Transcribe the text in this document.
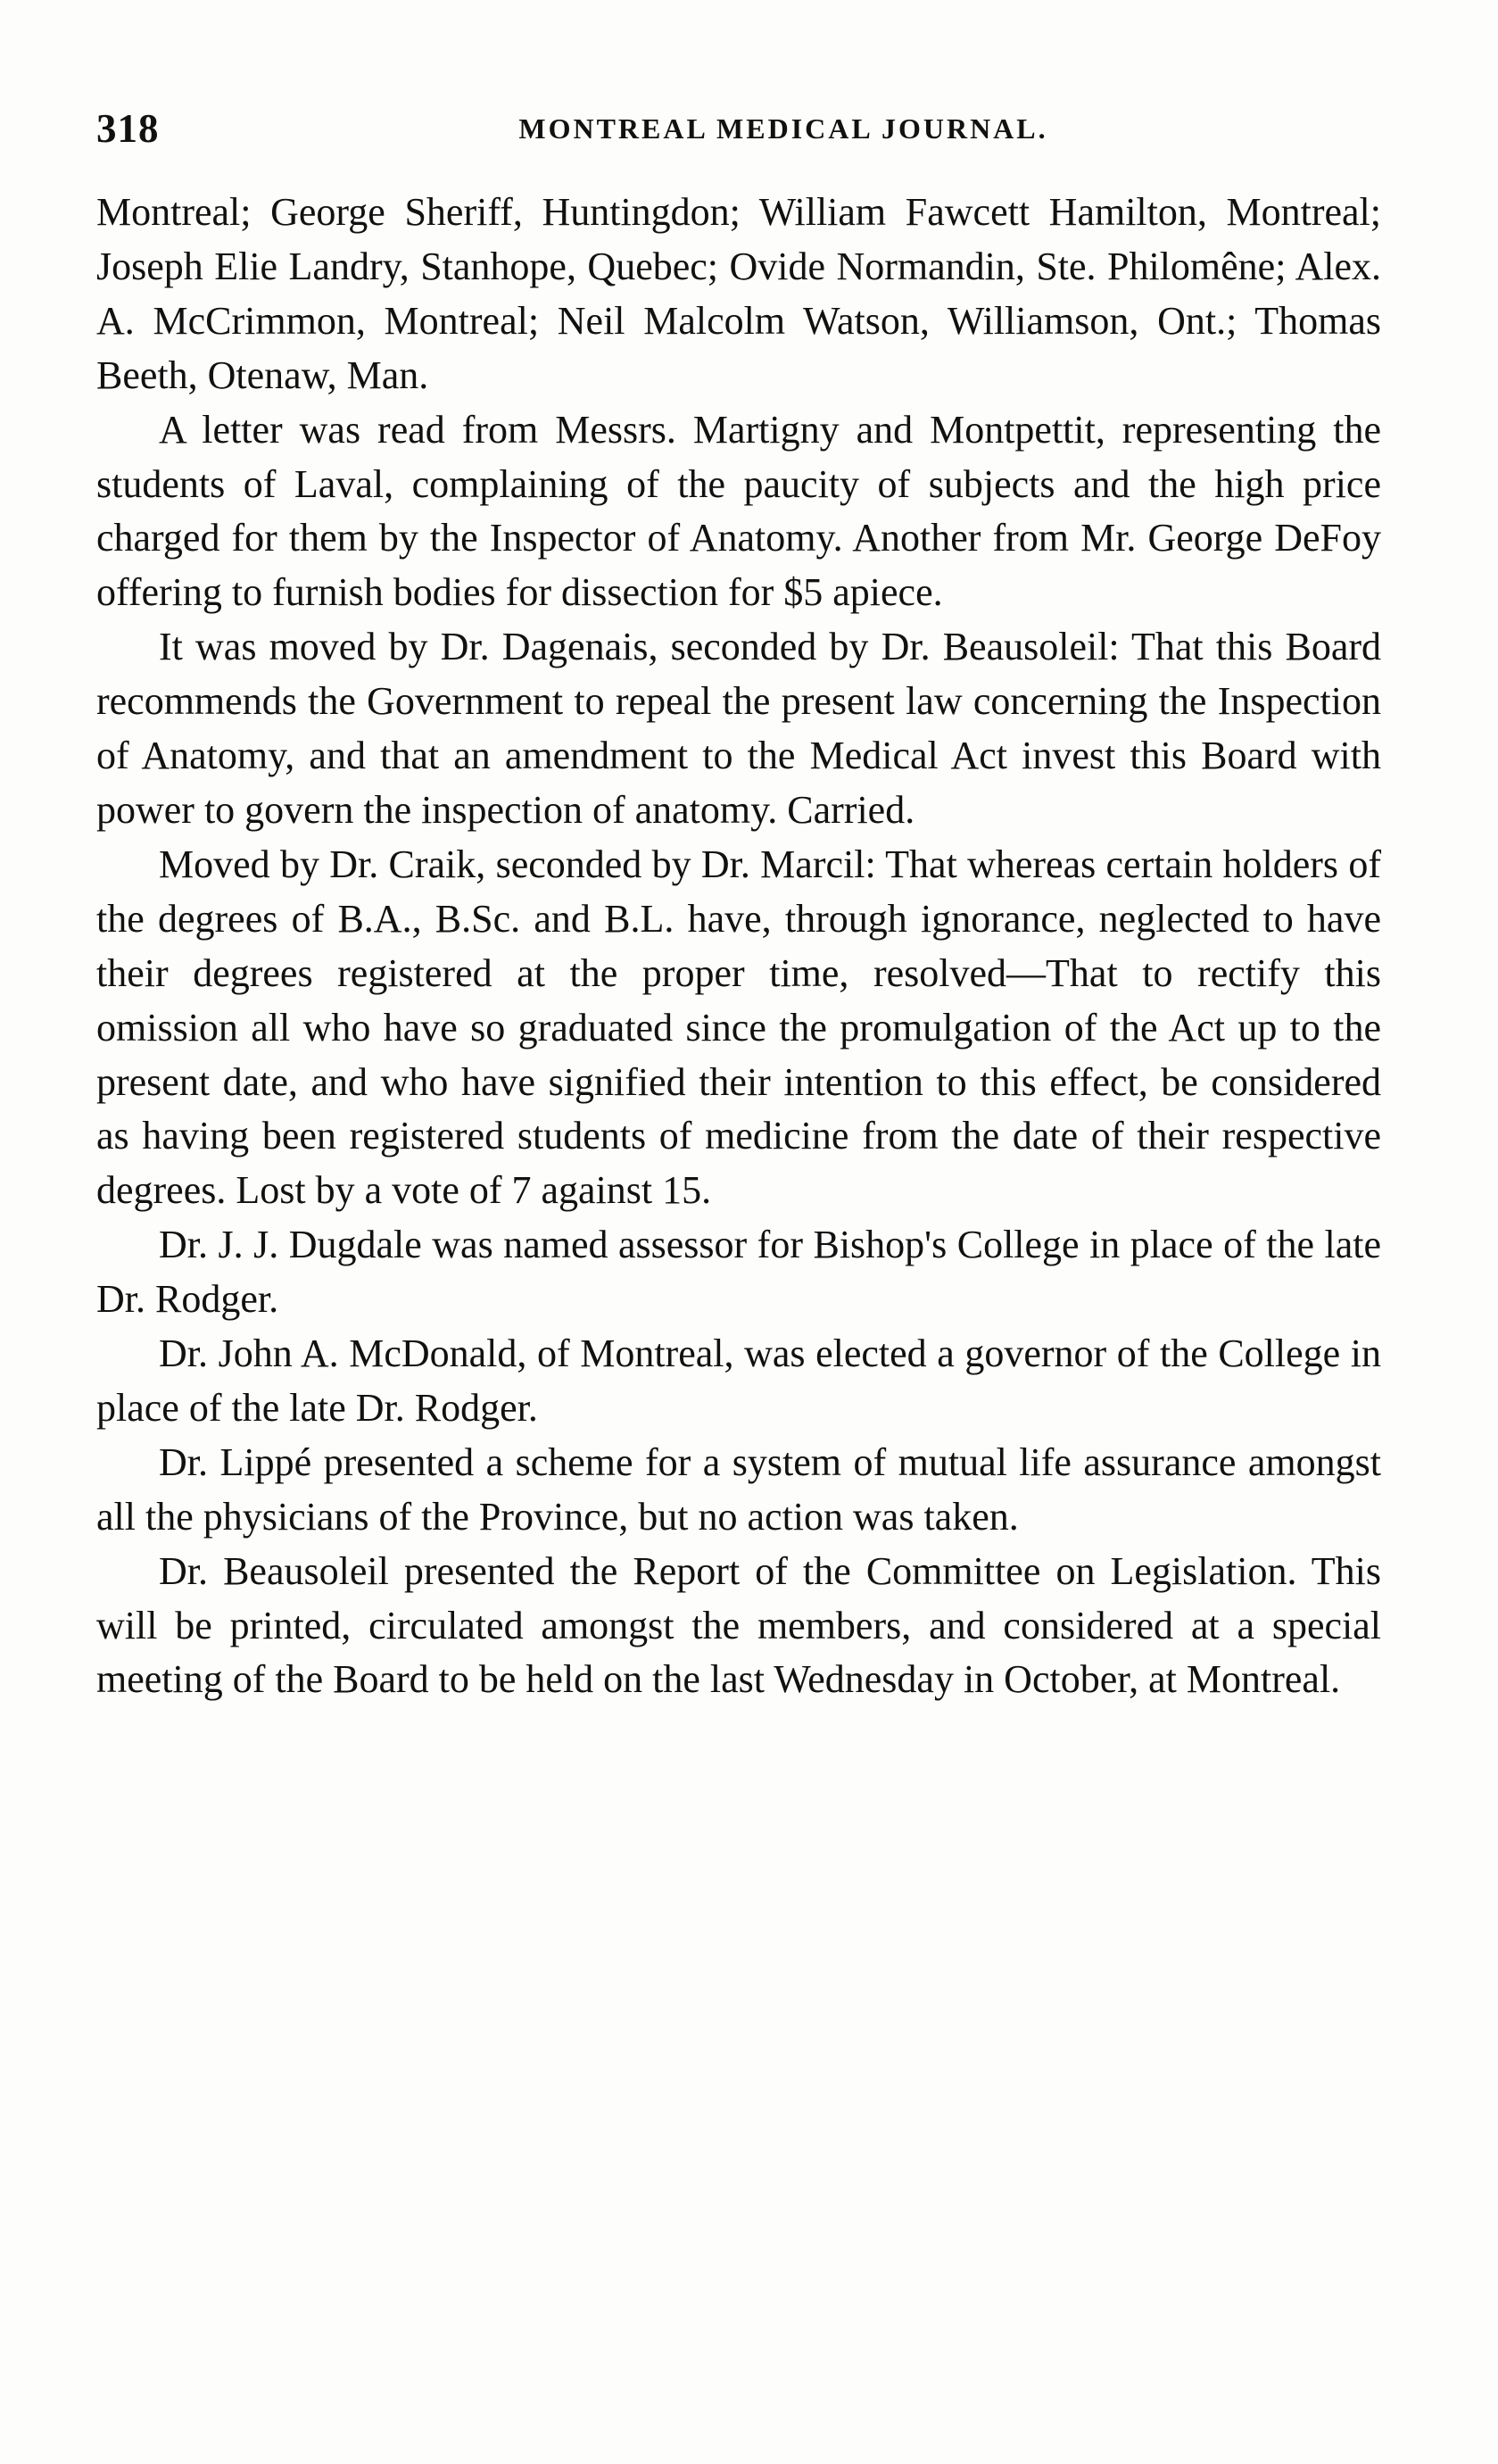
318	MONTREAL MEDICAL JOURNAL.

Montreal; George Sheriff, Huntingdon; William Fawcett Hamilton, Montreal; Joseph Elie Landry, Stanhope, Quebec; Ovide Normandin, Ste. Philomêne; Alex. A. McCrimmon, Montreal; Neil Malcolm Watson, Williamson, Ont.; Thomas Beeth, Otenaw, Man.

A letter was read from Messrs. Martigny and Montpettit, representing the students of Laval, complaining of the paucity of subjects and the high price charged for them by the Inspector of Anatomy. Another from Mr. George DeFoy offering to furnish bodies for dissection for $5 apiece.

It was moved by Dr. Dagenais, seconded by Dr. Beausoleil: That this Board recommends the Government to repeal the present law concerning the Inspection of Anatomy, and that an amendment to the Medical Act invest this Board with power to govern the inspection of anatomy. Carried.

Moved by Dr. Craik, seconded by Dr. Marcil: That whereas certain holders of the degrees of B.A., B.Sc. and B.L. have, through ignorance, neglected to have their degrees registered at the proper time, resolved—That to rectify this omission all who have so graduated since the promulgation of the Act up to the present date, and who have signified their intention to this effect, be considered as having been registered students of medicine from the date of their respective degrees. Lost by a vote of 7 against 15.

Dr. J. J. Dugdale was named assessor for Bishop's College in place of the late Dr. Rodger.

Dr. John A. McDonald, of Montreal, was elected a governor of the College in place of the late Dr. Rodger.

Dr. Lippé presented a scheme for a system of mutual life assurance amongst all the physicians of the Province, but no action was taken.

Dr. Beausoleil presented the Report of the Committee on Legislation. This will be printed, circulated amongst the members, and considered at a special meeting of the Board to be held on the last Wednesday in October, at Montreal.
